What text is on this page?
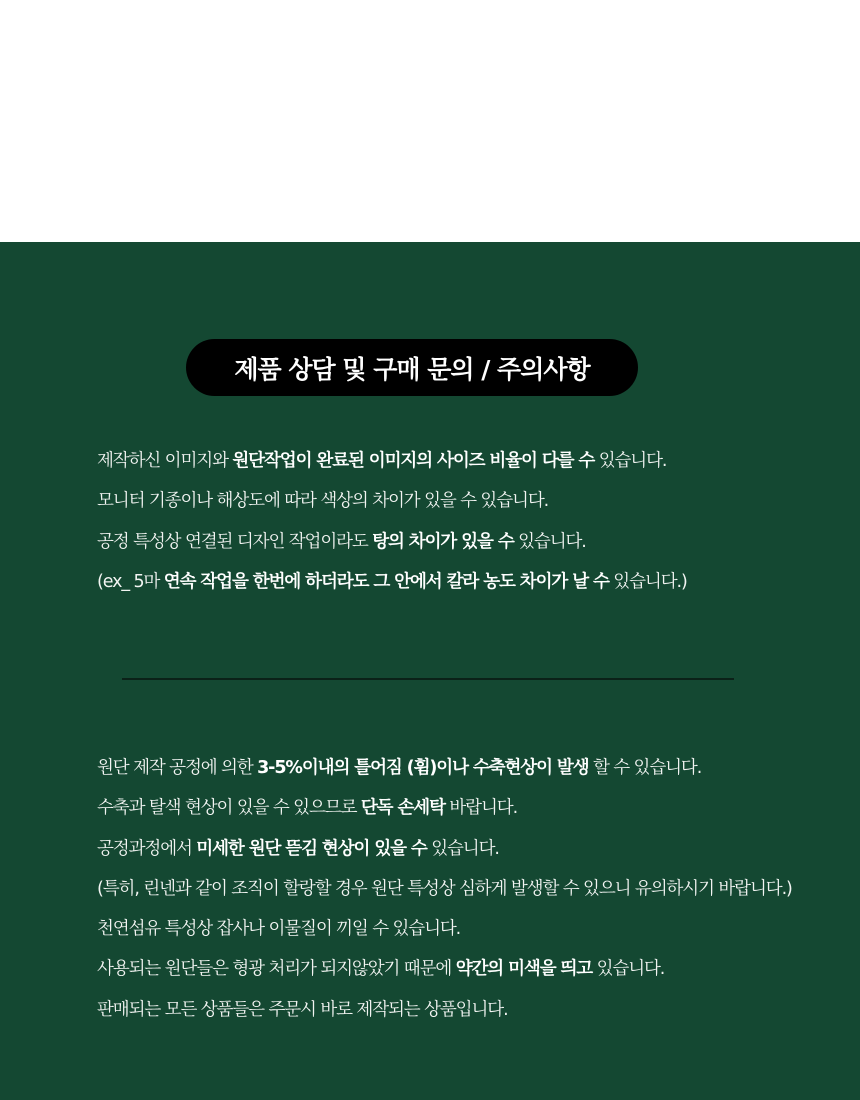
제품 상담 및 구매 문의 / 주의사항
제작하신 이미지와 원단작업이 완료된 이미지의 사이즈 비율이 다를 수 있습니다.
모니터 기종이나 해상도에 따라 색상의 차이가 있을 수 있습니다.
공정 특성상 연결된 디자인 작업이라도 탕의 차이가 있을 수 있습니다.
(ex_ 5마 연속 작업을 한번에 하더라도 그 안에서 칼라 농도 차이가 날 수 있습니다.)
원단 제작 공정에 의한 3-5%이내의 틀어짐 (휨)이나 수축현상이 발생 할 수 있습니다.
수축과 탈색 현상이 있을 수 있으므로 단독 손세탁 바랍니다.
공정과정에서 미세한 원단 뜯김 현상이 있을 수 있습니다.
(특히, 린넨과 같이 조직이 할랑할 경우 원단 특성상 심하게 발생할 수 있으니 유의하시기 바랍니다.)
천연섬유 특성상 잡사나 이물질이 끼일 수 있습니다.
사용되는 원단들은 형광 처리가 되지않았기 때문에 약간의 미색을 띄고 있습니다.
판매되는 모든 상품들은 주문시 바로 제작되는 상품입니다.
